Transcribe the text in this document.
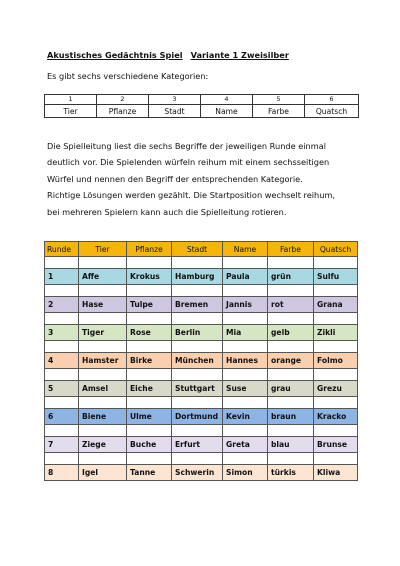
Akustisches Gedächtnis Spiel Variante 1 Zweisilber
Es gibt sechs verschiedene Kategorien:
1	2	3	4	5	6
Tier	Pflanze	Stadt	Name	Farbe	Quatsch

Die Spielleitung liest die sechs Begriffe der jeweiligen Runde einmal

deutlich vor. Die Spielenden würfeln reihum mit einem sechsseitigen

Würfel und nennen den Begriff der entsprechenden Kategorie.

Richtige Lösungen werden gezählt. Die Startposition wechselt reihum,

bei mehreren Spielern kann auch die Spielleitung rotieren.

Runde	Tier	Pflanze	Stadt	Name	Farbe	Quatsch

1	Affe	Krokus	Hamburg	Paula	grün	Sulfu

2	Hase	Tulpe	Bremen	Jannis	rot	Grana

3	Tiger	Rose	Berlin	Mia	gelb	Zikli

4	Hamster	Birke	München	Hannes	orange	Folmo

5	Amsel	Eiche	Stuttgart	Suse	grau	Grezu

6	Biene	Ulme	Dortmund	Kevin	braun	Kracko

7	Ziege	Buche	Erfurt	Greta	blau	Brunse

8	Igel	Tanne	Schwerin	Simon	türkis	Kliwa
